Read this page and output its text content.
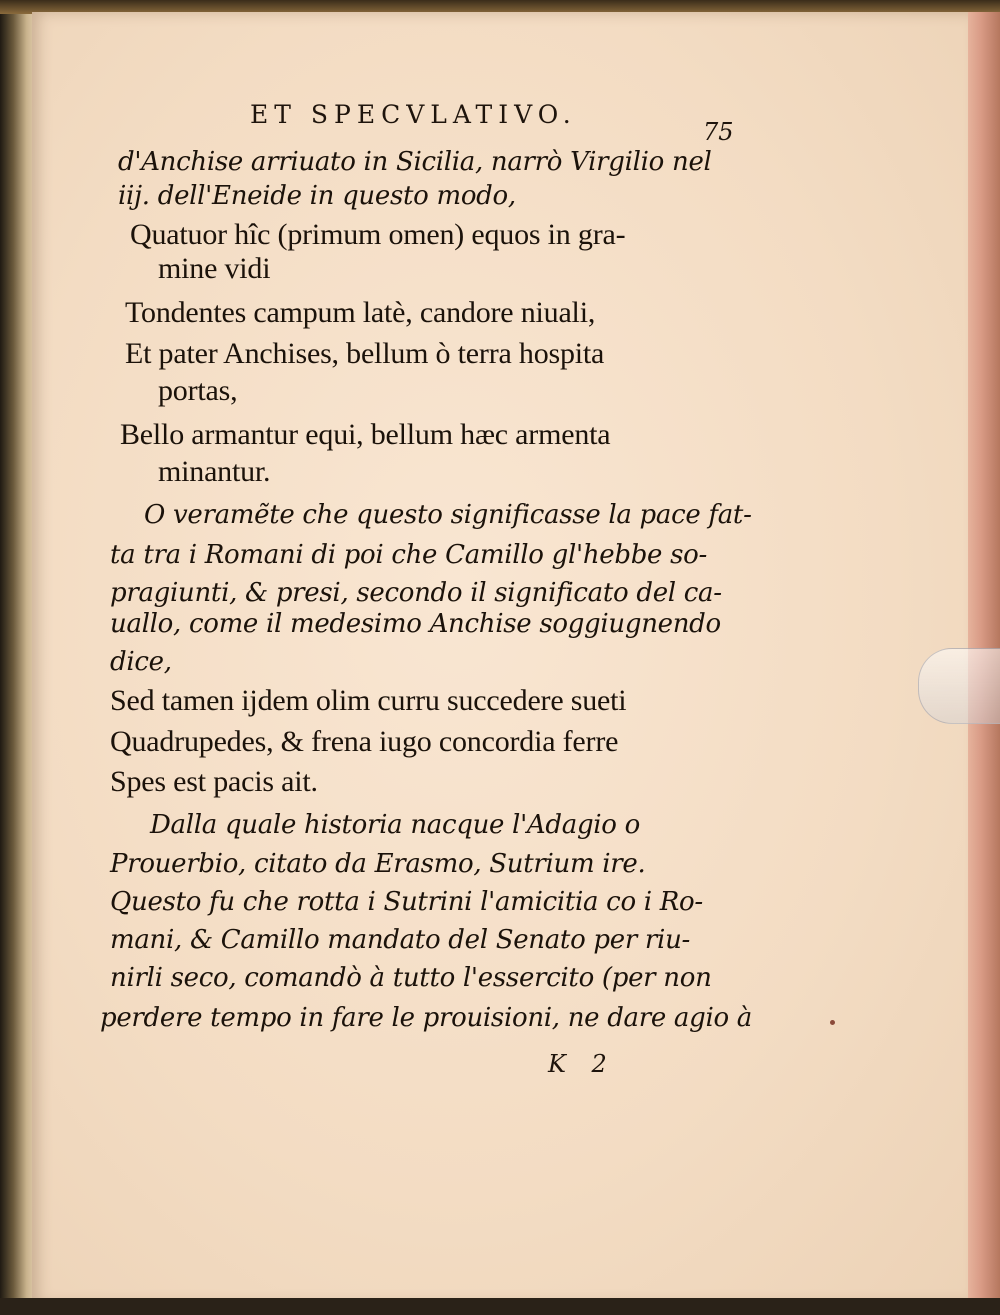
ET SPECVLATIVO.
75
d'Anchise arriuato in Sicilia, narrò Virgilio nel
iij. dell'Eneide in questo modo,
Quatuor hîc (primum omen) equos in gra-
mine vidi
Tondentes campum latè, candore niuali,
Et pater Anchises, bellum ò terra hospita
portas,
Bello armantur equi, bellum hæc armenta
minantur.
O veramẽte che questo significasse la pace fat-
ta tra i Romani di poi che Camillo gl'hebbe so-
pragiunti, & presi, secondo il significato del ca-
uallo, come il medesimo Anchise soggiugnendo
dice,
Sed tamen ijdem olim curru succedere sueti
Quadrupedes, & frena iugo concordia ferre
Spes est pacis ait.
Dalla quale historia nacque l'Adagio o
Prouerbio, citato da Erasmo, Sutrium ire.
Questo fu che rotta i Sutrini l'amicitia co i Ro-
mani, & Camillo mandato del Senato per riu-
nirli seco, comandò à tutto l'essercito (per non
perdere tempo in fare le prouisioni, ne dare agio à
K 2
